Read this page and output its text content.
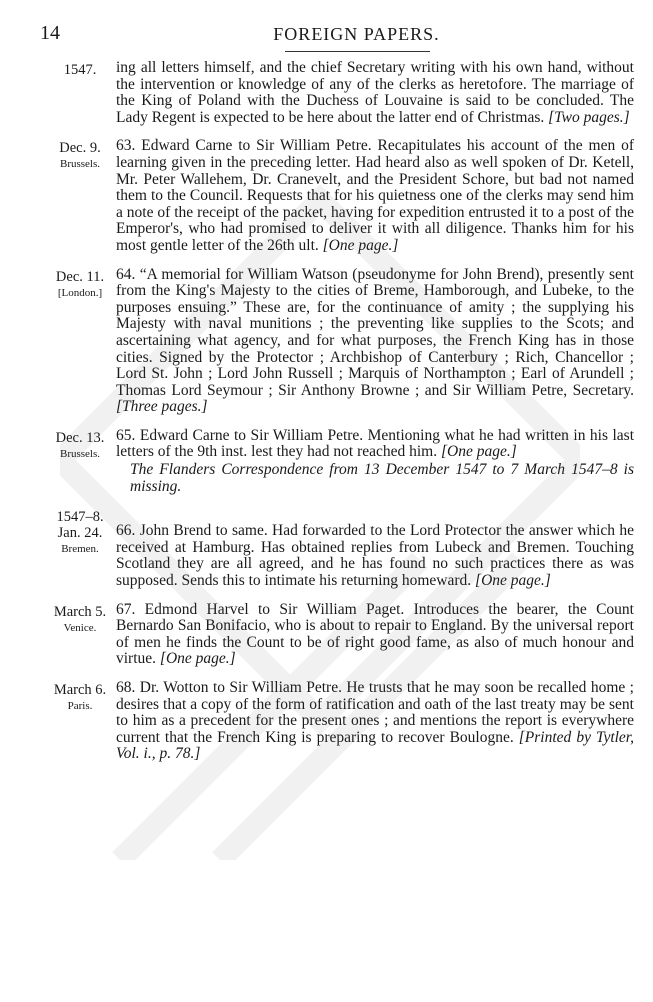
14	FOREIGN PAPERS.
1547.	ing all letters himself, and the chief Secretary writing with his own hand, without the intervention or knowledge of any of the clerks as heretofore. The marriage of the King of Poland with the Duchess of Louvaine is said to be concluded. The Lady Regent is expected to be here about the latter end of Christmas. [Two pages.]

Dec. 9.
Brussels.

63. Edward Carne to Sir William Petre. Recapitulates his account of the men of learning given in the preceding letter. Had heard also as well spoken of Dr. Ketell, Mr. Peter Wallehem, Dr. Cranevelt, and the President Schore, but bad not named them to the Council. Requests that for his quietness one of the clerks may send him a note of the receipt of the packet, having for expedition entrusted it to a post of the Emperor's, who had promised to deliver it with all diligence. Thanks him for his most gentle letter of the 26th ult. [One page.]

Dec. 11.
[London.]

64. “A memorial for William Watson (pseudonyme for John Brend), presently sent from the King's Majesty to the cities of Breme, Hamborough, and Lubeke, to the purposes ensuing.” These are, for the continuance of amity ; the supplying his Majesty with naval munitions ; the preventing like supplies to the Scots; and ascertaining what agency, and for what purposes, the French King has in those cities. Signed by the Protector ; Archbishop of Canterbury ; Rich, Chancellor ; Lord St. John ; Lord John Russell ; Marquis of Northampton ; Earl of Arundell ; Thomas Lord Seymour ; Sir Anthony Browne ; and Sir William Petre, Secretary. [Three pages.]

Dec. 13.
Brussels.

65. Edward Carne to Sir William Petre. Mentioning what he had written in his last letters of the 9th inst. lest they had not reached him. [One page.]

The Flanders Correspondence from 13 December 1547 to 7 March 1547–8 is missing.

1547–8.
Jan. 24.
Bremen.

66. John Brend to same. Had forwarded to the Lord Protector the answer which he received at Hamburg. Has obtained replies from Lubeck and Bremen. Touching Scotland they are all agreed, and he has found no such practices there as was supposed. Sends this to intimate his returning homeward. [One page.]

March 5.
Venice.

67. Edmond Harvel to Sir William Paget. Introduces the bearer, the Count Bernardo San Bonifacio, who is about to repair to England. By the universal report of men he finds the Count to be of right good fame, as also of much honour and virtue. [One page.]

March 6.
Paris.

68. Dr. Wotton to Sir William Petre. He trusts that he may soon be recalled home ; desires that a copy of the form of ratification and oath of the last treaty may be sent to him as a precedent for the present ones ; and mentions the report is everywhere current that the French King is preparing to recover Boulogne. [Printed by Tytler, Vol. i., p. 78.]
